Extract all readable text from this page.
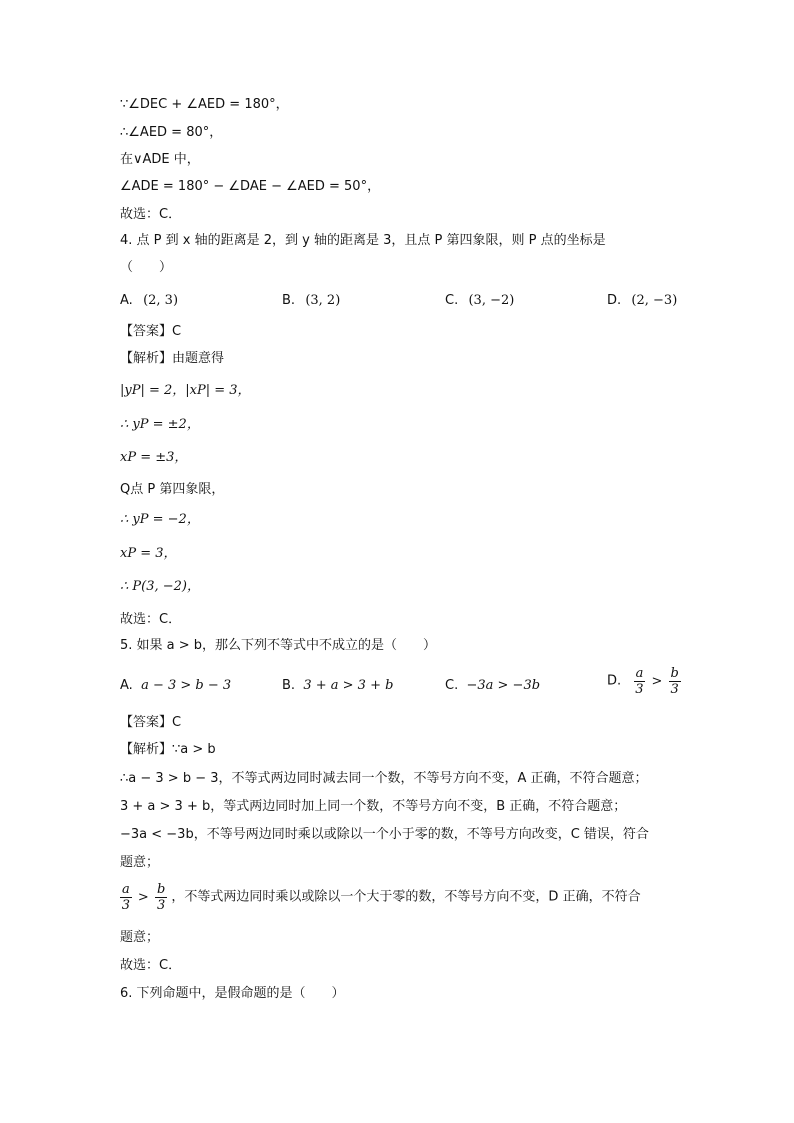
∵∠DEC + ∠AED = 180°，
∴∠AED = 80°，
在∨ADE 中，
∠ADE = 180° − ∠DAE − ∠AED = 50°，
故选：C．
4. 点 P 到 x 轴的距离是 2，到 y 轴的距离是 3，且点 P 第四象限，则 P 点的坐标是
（　　）
A. (2, 3)	B. (3, 2)	C. (3, −2)	D. (2, −3)
【答案】C
【解析】由题意得
|yP| = 2，|xP| = 3，
∴ yP = ±2，
xP = ±3，
Q点 P 第四象限，
∴ yP = −2，
xP = 3，
∴ P(3, −2)，
故选：C．
5. 如果 a > b，那么下列不等式中不成立的是（　　）
A. a − 3 > b − 3	B. 3 + a > 3 + b	C. −3a > −3b	D. $\frac{a}{3} > \frac{b}{3}$
【答案】C
【解析】∵a > b
∴a − 3 > b − 3，不等式两边同时减去同一个数，不等号方向不变，A 正确，不符合题意；
3 + a > 3 + b，等式两边同时加上同一个数，不等号方向不变，B 正确，不符合题意；
−3a < −3b，不等号两边同时乘以或除以一个小于零的数，不等号方向改变，C 错误，符合
题意；
$\frac{a}{3} > \frac{b}{3}$ ，不等式两边同时乘以或除以一个大于零的数，不等号方向不变，D 正确，不符合
题意；
故选：C．
6. 下列命题中，是假命题的是（　　）
